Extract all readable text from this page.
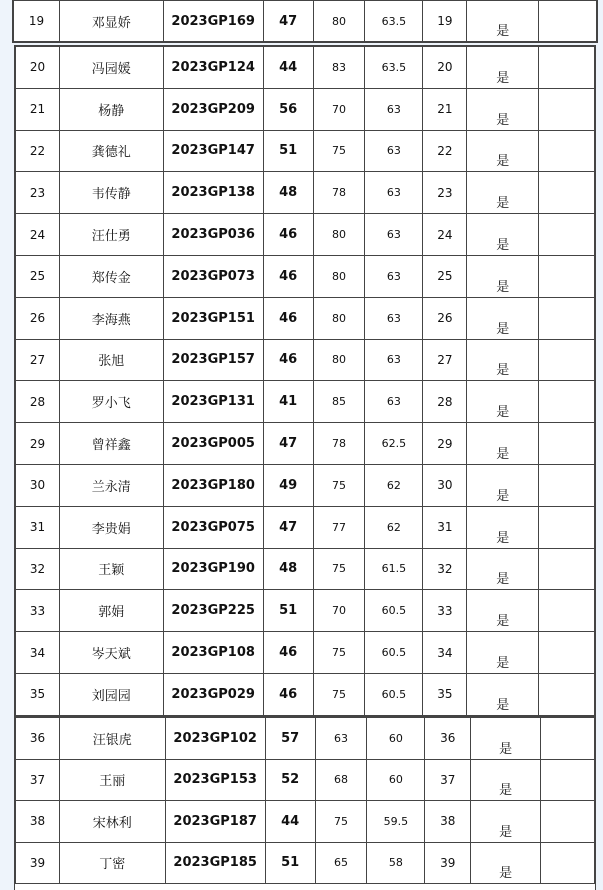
19	邓显娇	2023GP169	47	80	63.5	19	是	
20	冯园媛	2023GP124	44	83	63.5	20	是	
21	杨静	2023GP209	56	70	63	21	是	
22	龚德礼	2023GP147	51	75	63	22	是	
23	韦传静	2023GP138	48	78	63	23	是	
24	汪仕勇	2023GP036	46	80	63	24	是	
25	郑传金	2023GP073	46	80	63	25	是	
26	李海燕	2023GP151	46	80	63	26	是	
27	张旭	2023GP157	46	80	63	27	是	
28	罗小飞	2023GP131	41	85	63	28	是	
29	曾祥鑫	2023GP005	47	78	62.5	29	是	
30	兰永清	2023GP180	49	75	62	30	是	
31	李贵娟	2023GP075	47	77	62	31	是	
32	王颖	2023GP190	48	75	61.5	32	是	
33	郭娟	2023GP225	51	70	60.5	33	是	
34	岑天斌	2023GP108	46	75	60.5	34	是	
35	刘园园	2023GP029	46	75	60.5	35	是	
36	汪银虎	2023GP102	57	63	60	36	是	
37	王丽	2023GP153	52	68	60	37	是	
38	宋林利	2023GP187	44	75	59.5	38	是	
39	丁密	2023GP185	51	65	58	39	是	
